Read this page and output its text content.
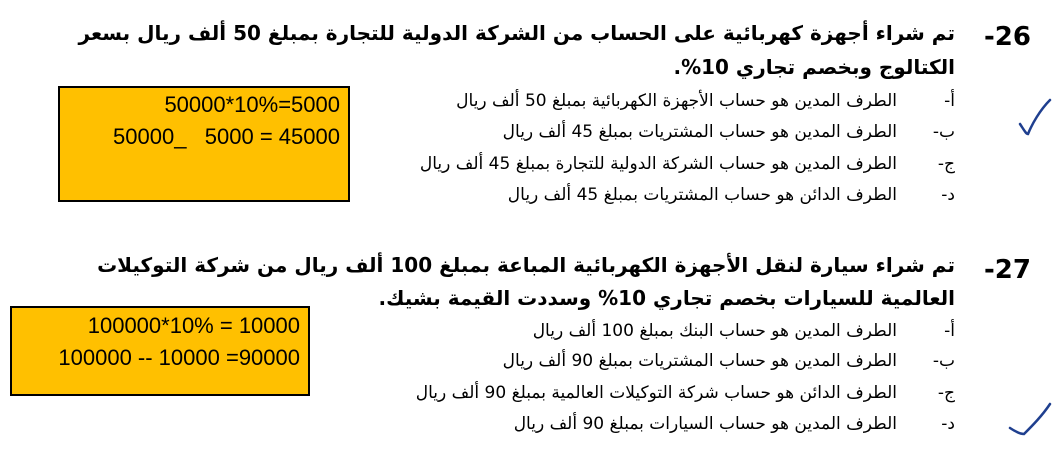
-26
تم شراء أجهزة كهربائية على الحساب من الشركة الدولية للتجارة بمبلغ 50 ألف ريال بسعر
الكتالوج وبخصم تجاري 10%.
أ-
الطرف المدين هو حساب الأجهزة الكهربائية بمبلغ 50 ألف ريال
ب-
الطرف المدين هو حساب المشتريات بمبلغ 45 ألف ريال
ج-
الطرف المدين هو حساب الشركة الدولية للتجارة بمبلغ 45 ألف ريال
د-
الطرف الدائن هو حساب المشتريات بمبلغ 45 ألف ريال
50000*10%=5000
50000_   5000 = 45000
-27
تم شراء سيارة لنقل الأجهزة الكهربائية المباعة بمبلغ 100 ألف ريال من شركة التوكيلات
العالمية للسيارات بخصم تجاري 10% وسددت القيمة بشيك.
أ-
الطرف المدين هو حساب البنك بمبلغ 100 ألف ريال
ب-
الطرف المدين هو حساب المشتريات بمبلغ 90 ألف ريال
ج-
الطرف الدائن هو حساب شركة التوكيلات العالمية بمبلغ 90 ألف ريال
د-
الطرف المدين هو حساب السيارات بمبلغ 90 ألف ريال
100000*10% = 10000
100000 -- 10000 =90000
